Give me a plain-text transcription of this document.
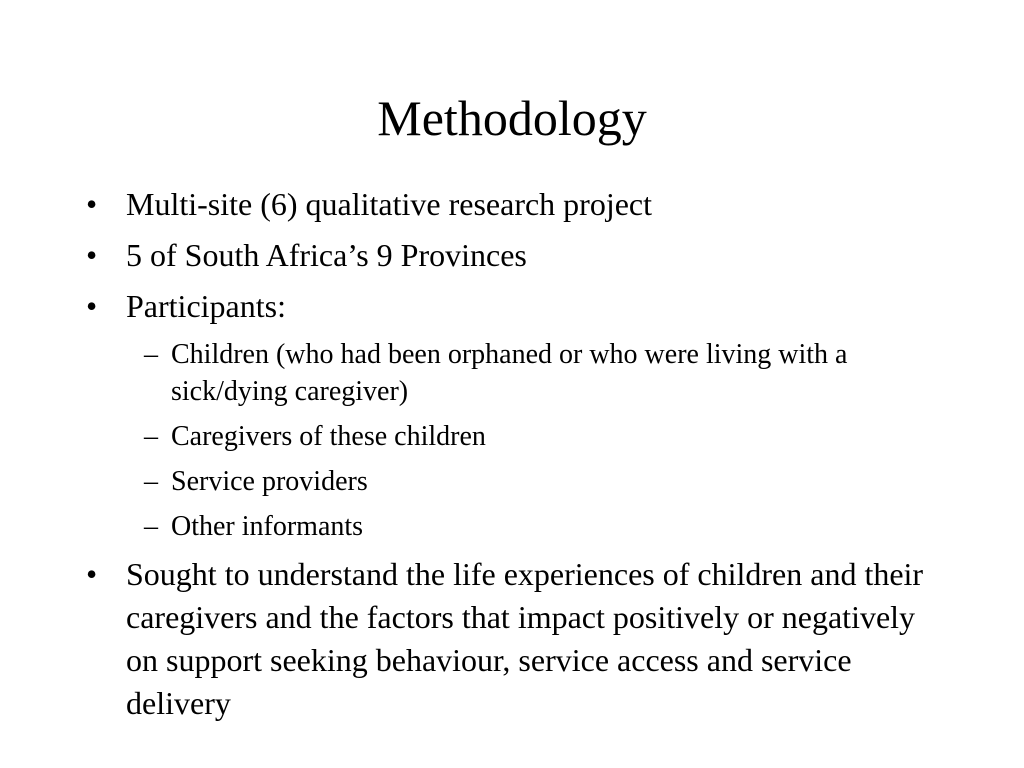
Methodology
• Multi-site (6) qualitative research project
• 5 of South Africa’s 9 Provinces
• Participants:
– Children (who had been orphaned or who were living with a sick/dying caregiver)
– Caregivers of these children
– Service providers
– Other informants
• Sought to understand the life experiences of children and their caregivers and the factors that impact positively or negatively on support seeking behaviour, service access and service delivery
